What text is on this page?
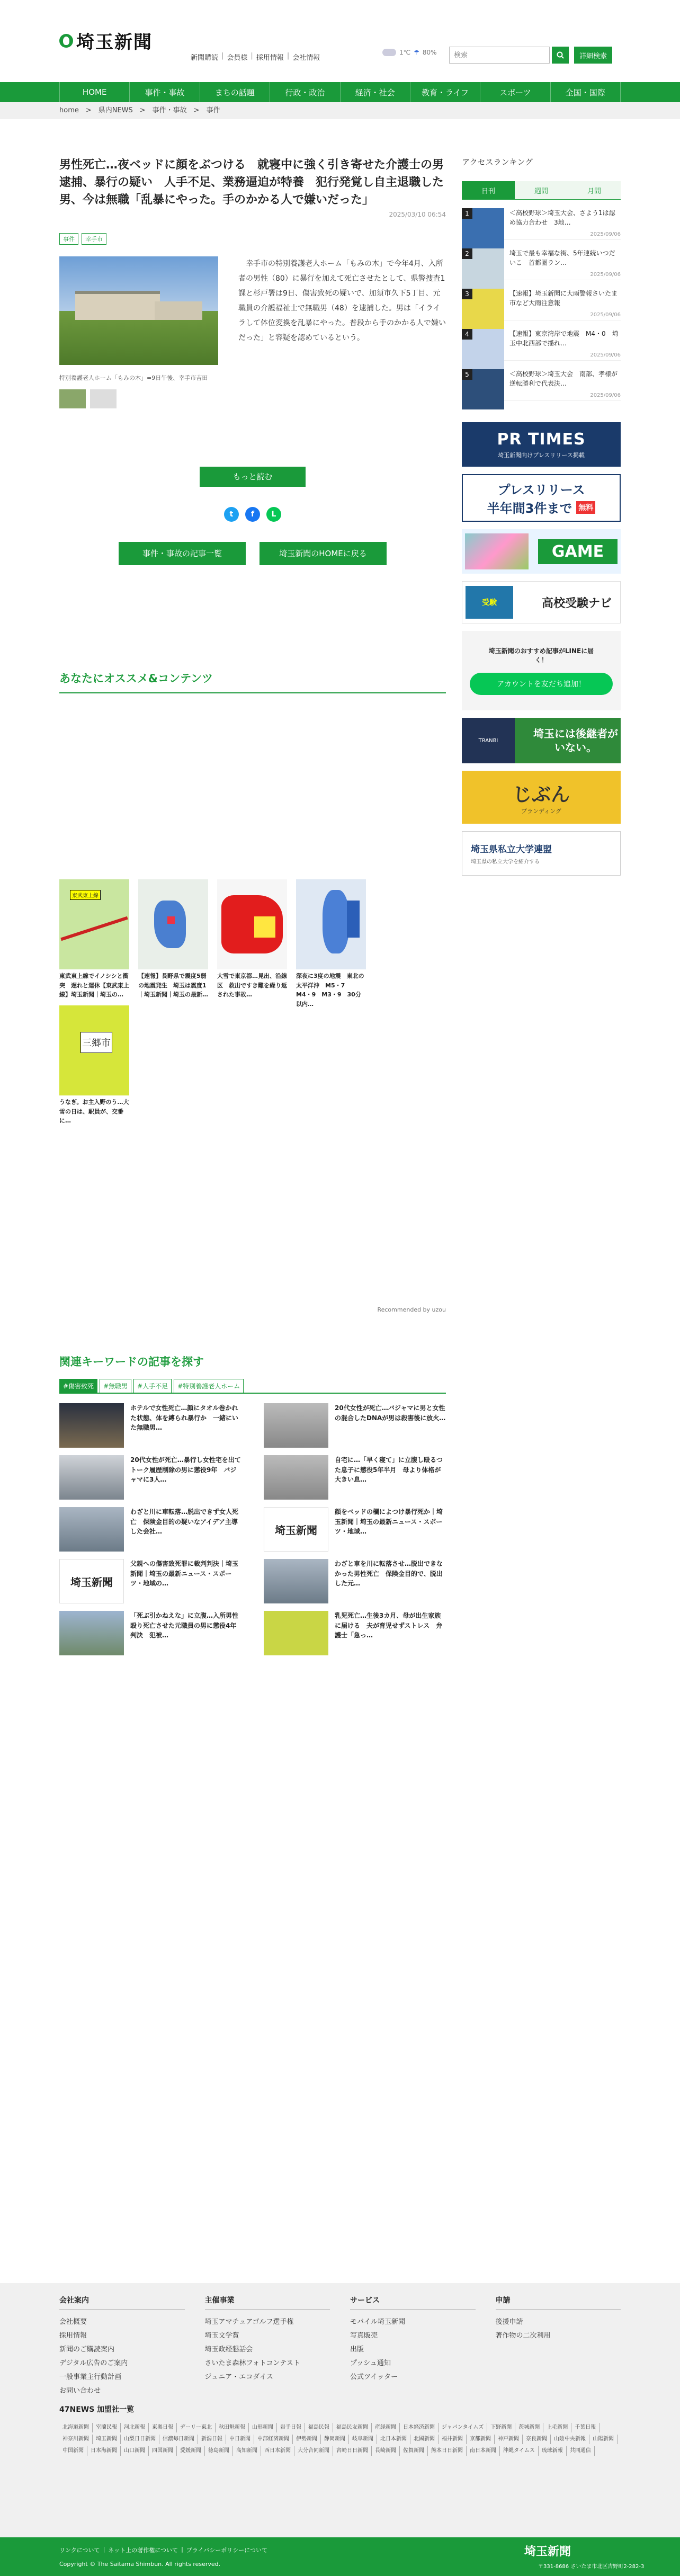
埼玉新聞
新聞購読 | 会員様 | 採用情報 | 会社情報
1℃ ☂ 80%
検索	詳細検索
HOME	事件・事故	まちの話題	行政・政治	経済・社会	教育・ライフ	スポーツ	全国・国際
home　>　県内NEWS　>　事件・事故　>　事件
男性死亡…夜ベッドに顔をぶつける　就寝中に強く引き寄せた介護士の男逮捕、暴行の疑い　人手不足、業務逼迫が特養　犯行発覚し自主退職した男、今は無職「乱暴にやった。手のかかる人で嫌いだった」
2025/03/10 06:54
事件	幸手市
特別養護老人ホーム「もみの木」=9日午後、幸手市吉田

　幸手市の特別養護老人ホーム「もみの木」で今年4月、入所者の男性（80）に暴行を加えて死亡させたとして、県警捜査1課と杉戸署は9日、傷害致死の疑いで、加須市久下5丁目、元職員の介護福祉士で無職男（48）を逮捕した。男は「イライラして体位変換を乱暴にやった。普段から手のかかる人で嫌いだった」と容疑を認めているという。

もっと読む
t	f	L
事件・事故の記事一覧	埼玉新聞のHOMEに戻る
あなたにオススメ&コンテンツ
東武東上線
東武東上線でイノシシと衝突　遅れと運休【東武東上線】埼玉新聞｜埼玉の…
【速報】長野県で震度5弱の地震発生　埼玉は震度1｜埼玉新聞｜埼玉の最新…
大雪で東京都…見出、沿線区　救出ですき難を繰り返された事故…
深夜に3度の地震　東北の太平洋沖　M5・7　M4・9　M3・9　30分以内…
三郷市
うなぎ。お主入野のう…大雪の日は、駅員が、交番に…
Recommended by uzou
関連キーワードの記事を探す
#傷害致死	#無職男	#人手不足	#特別養護老人ホーム
ホテルで女性死亡…顔にタオル巻かれた状態、体を縛られ暴行か　一緒にいた無職男…
20代女性が死亡…バジャマに男と女性の混合したDNAが男は殺害後に放火…
20代女性が死亡…暴行し女性宅を出てトーク履歴削除の男に懲役9年　バジャマに3人…
自宅に…「早く寝て」に立腹し殴るつた息子に懲役5年半月　母より体格が大きい息…
わざと川に車転落…脱出できず女人死亡　保険金目的の疑いなアイデア主導した会社…	埼玉新聞
顔をベッドの欄によつけ暴行死か｜埼玉新聞｜埼玉の最新ニュース・スポーツ・地域…
埼玉新聞
父親への傷害致死罪に裁判判決｜埼玉新聞｜埼玉の最新ニュース・スポーツ・地域の…
わざと車を川に転落させ…脱出できなかった男性死亡　保険金目的で、脱出した元…
「死ぶ引かねえな」に立腹…入所男性殴り死亡させた元職員の男に懲役4年判決　犯被…
乳児死亡…生後3カ月、母が出生家族に届ける　夫が育児せずストレス　弁護士「急っ…
アクセスランキング
日刊	週間	月間
1	＜高校野球＞埼玉大会、さよう1は認め協力合わせ　3地…
2025/09/06
2	埼玉で最も幸福な街、5年連続いつだいこ　首都圏ラン…
2025/09/06
3	【速報】埼玉新聞に大雨警報さいたま市など大雨注意報
2025/09/06
4	【速報】東京湾岸で地震　M4・0　埼玉中北西部で揺れ…
2025/09/06
5	＜高校野球＞埼玉大会　南部、孝様が逆転勝利で代表決…
2025/09/06
PR TIMES
埼玉新聞向けプレスリリース掲載
プレスリリース
半年間3件まで 無料
GAME
受験	高校受験ナビ
埼玉新聞のおすすめ記事がLINEに届く！
アカウントを友だち追加！
TRANBI
埼玉には後継者がいない。
じぶん
ブランディング
埼玉県私立大学連盟
埼玉県の私立大学を紹介する
会社案内
会社概要
採用情報
新聞のご購読案内
デジタル広告のご案内
一般事業主行動計画
お問い合わせ
主催事業
埼玉アマチュアゴルフ選手権
埼玉文学賞
埼玉政経懇話会
さいたま森林フォトコンテスト
ジュニア・エコダイス
サービス
モバイル埼玉新聞
写真販売
出版
プッシュ通知
公式ツイッター
申請
後援申請
著作物の二次利用
47NEWS 加盟社一覧
北海道新聞	室蘭民報	河北新報	東奥日報	デーリー東北	秋田魁新報	山形新聞	岩手日報	福島民報	福島民友新聞	産経新聞	日本経済新聞	ジャパンタイムズ	下野新聞	茨城新聞	上毛新聞	千葉日報
神奈川新聞	埼玉新聞	山梨日日新聞	信濃毎日新聞	新潟日報	中日新聞	中部経済新聞	伊勢新聞	静岡新聞	岐阜新聞	北日本新聞	北國新聞	福井新聞	京都新聞	神戸新聞	奈良新聞	山陰中央新報	山陽新聞
中国新聞	日本海新聞	山口新聞	四国新聞	愛媛新聞	徳島新聞	高知新聞	西日本新聞	大分合同新聞	宮崎日日新聞	長崎新聞	佐賀新聞	熊本日日新聞	南日本新聞	沖縄タイムス	琉球新報	共同通信
リンクについて | ネット上の著作権について | プライバシーポリシーについて
Copyright © The Saitama Shimbun. All rights reserved.
埼玉新聞
〒331-8686 さいたま市北区吉野町2-282-3
